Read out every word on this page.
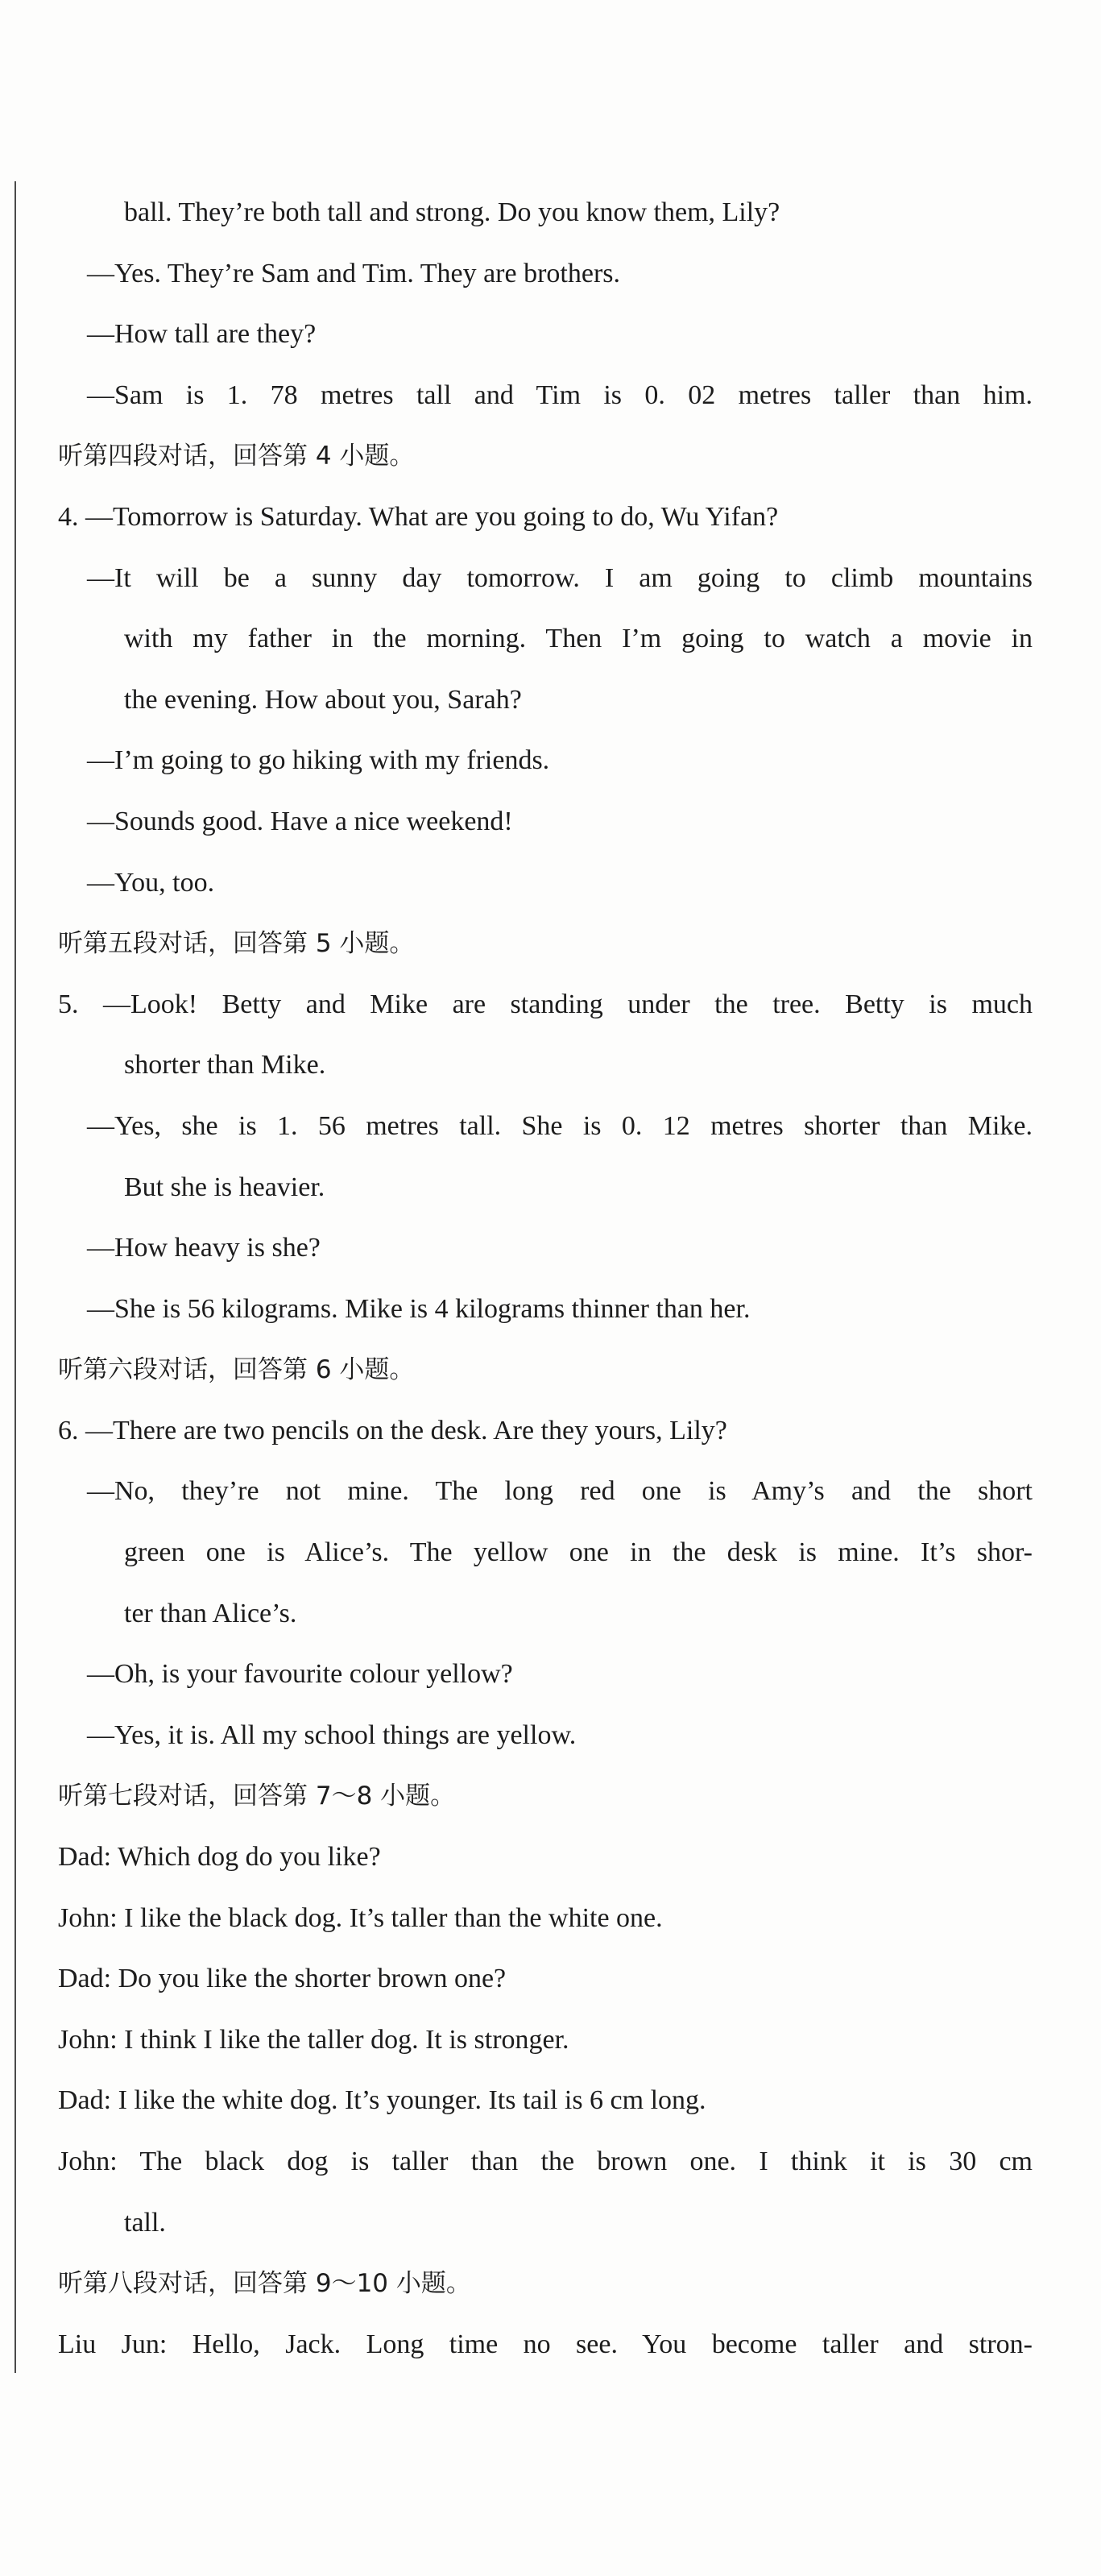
ball. They’re both tall and strong. Do you know them, Lily?
—Yes. They’re Sam and Tim. They are brothers.
—How tall are they?
—Sam is 1. 78 metres tall and Tim is 0. 02 metres taller than him.
听第四段对话，回答第 4 小题。
4. —Tomorrow is Saturday. What are you going to do, Wu Yifan?
—It will be a sunny day tomorrow. I am going to climb mountains
with my father in the morning. Then I’m going to watch a movie in
the evening. How about you, Sarah?
—I’m going to go hiking with my friends.
—Sounds good. Have a nice weekend!
—You, too.
听第五段对话，回答第 5 小题。
5. —Look! Betty and Mike are standing under the tree. Betty is much
shorter than Mike.
—Yes, she is 1. 56 metres tall. She is 0. 12 metres shorter than Mike.
But she is heavier.
—How heavy is she?
—She is 56 kilograms. Mike is 4 kilograms thinner than her.
听第六段对话，回答第 6 小题。
6. —There are two pencils on the desk. Are they yours, Lily?
—No, they’re not mine. The long red one is Amy’s and the short
green one is Alice’s. The yellow one in the desk is mine. It’s shor-
ter than Alice’s.
—Oh, is your favourite colour yellow?
—Yes, it is. All my school things are yellow.
听第七段对话，回答第 7～8 小题。
Dad: Which dog do you like?
John: I like the black dog. It’s taller than the white one.
Dad: Do you like the shorter brown one?
John: I think I like the taller dog. It is stronger.
Dad: I like the white dog. It’s younger. Its tail is 6 cm long.
John: The black dog is taller than the brown one. I think it is 30 cm
tall.
听第八段对话，回答第 9～10 小题。
Liu Jun: Hello, Jack. Long time no see. You become taller and stron-
